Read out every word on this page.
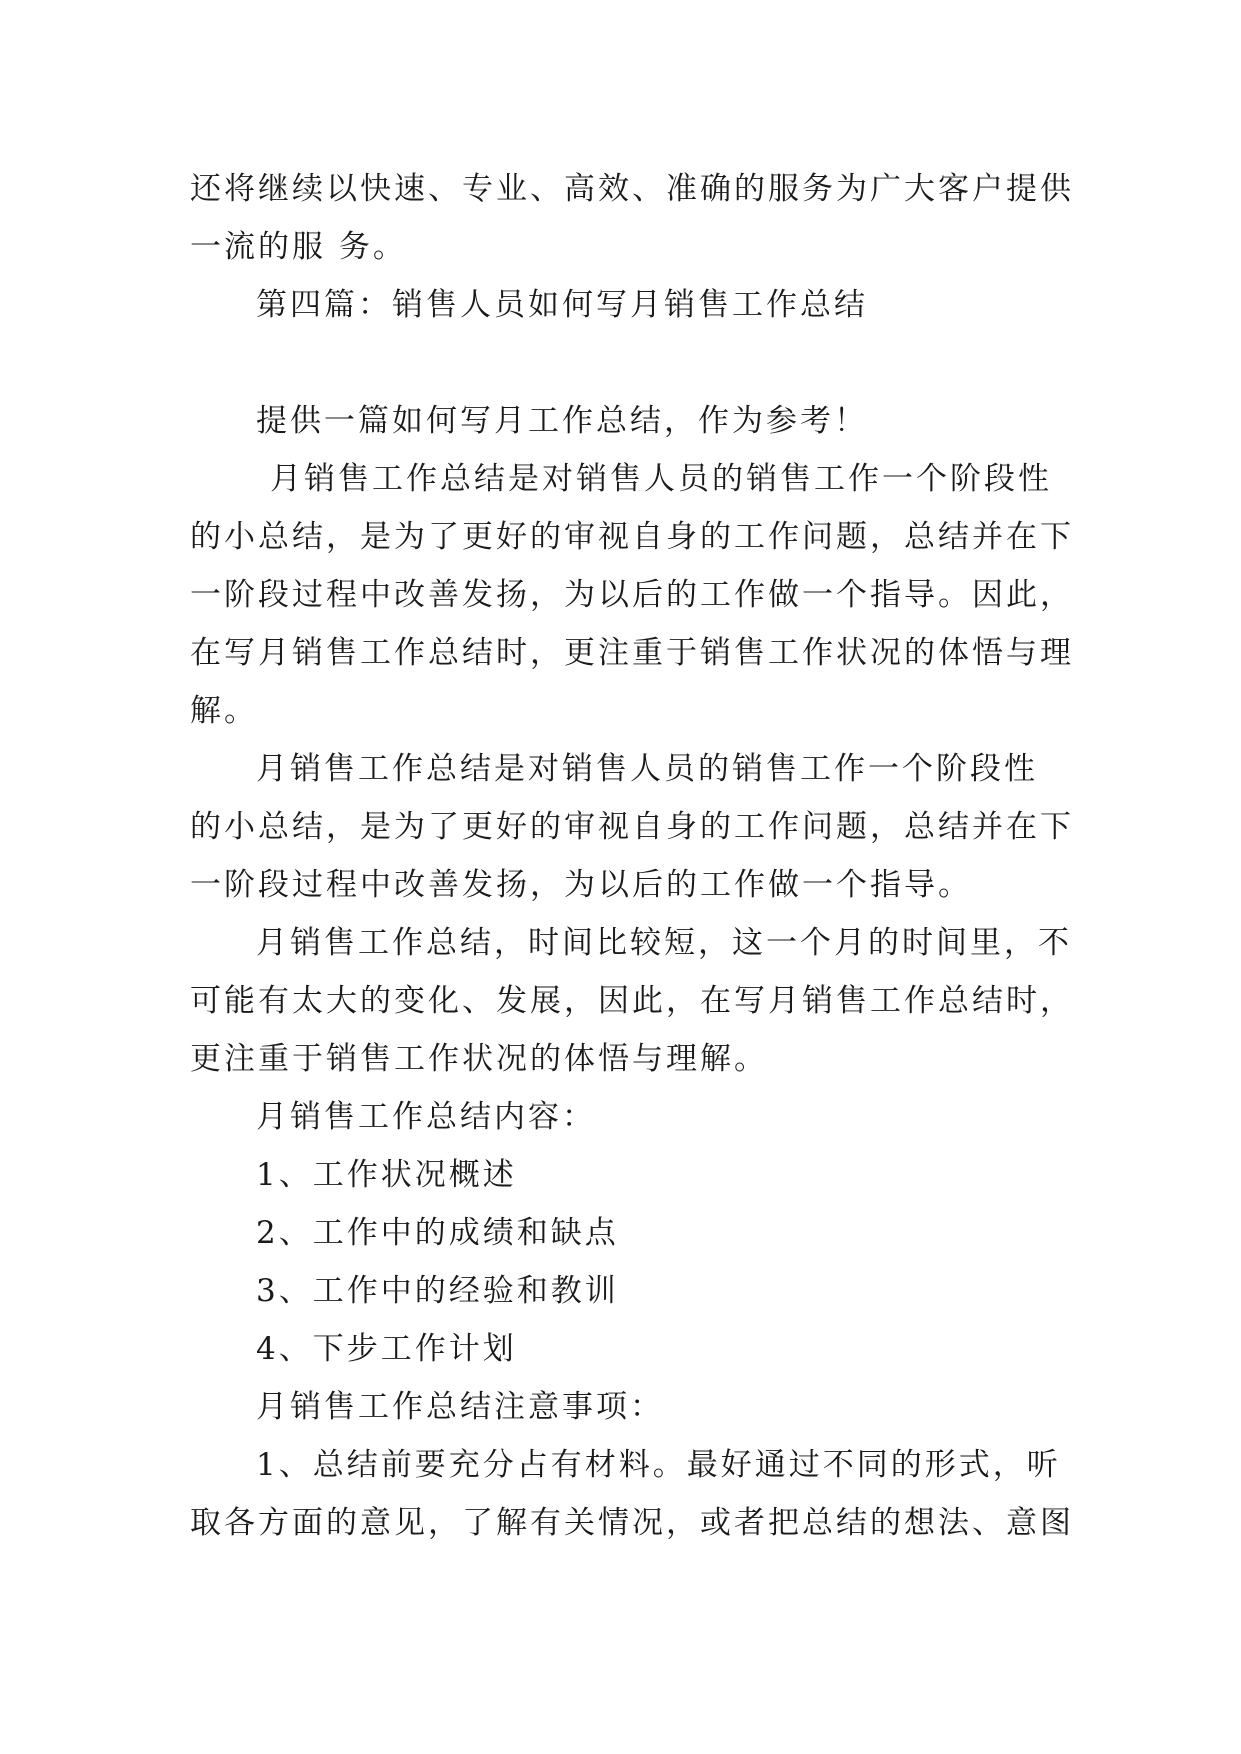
还将继续以快速、专业、高效、准确的服务为广大客户提供
一流的服 务。
第四篇：销售人员如何写月销售工作总结
提供一篇如何写月工作总结，作为参考！
月销售工作总结是对销售人员的销售工作一个阶段性
的小总结，是为了更好的审视自身的工作问题，总结并在下
一阶段过程中改善发扬，为以后的工作做一个指导。因此，
在写月销售工作总结时，更注重于销售工作状况的体悟与理
解。
月销售工作总结是对销售人员的销售工作一个阶段性
的小总结，是为了更好的审视自身的工作问题，总结并在下
一阶段过程中改善发扬，为以后的工作做一个指导。
月销售工作总结，时间比较短，这一个月的时间里，不
可能有太大的变化、发展，因此，在写月销售工作总结时，
更注重于销售工作状况的体悟与理解。
月销售工作总结内容：
1、工作状况概述
2、工作中的成绩和缺点
3、工作中的经验和教训
4、下步工作计划
月销售工作总结注意事项：
1、总结前要充分占有材料。最好通过不同的形式，听
取各方面的意见，了解有关情况，或者把总结的想法、意图
